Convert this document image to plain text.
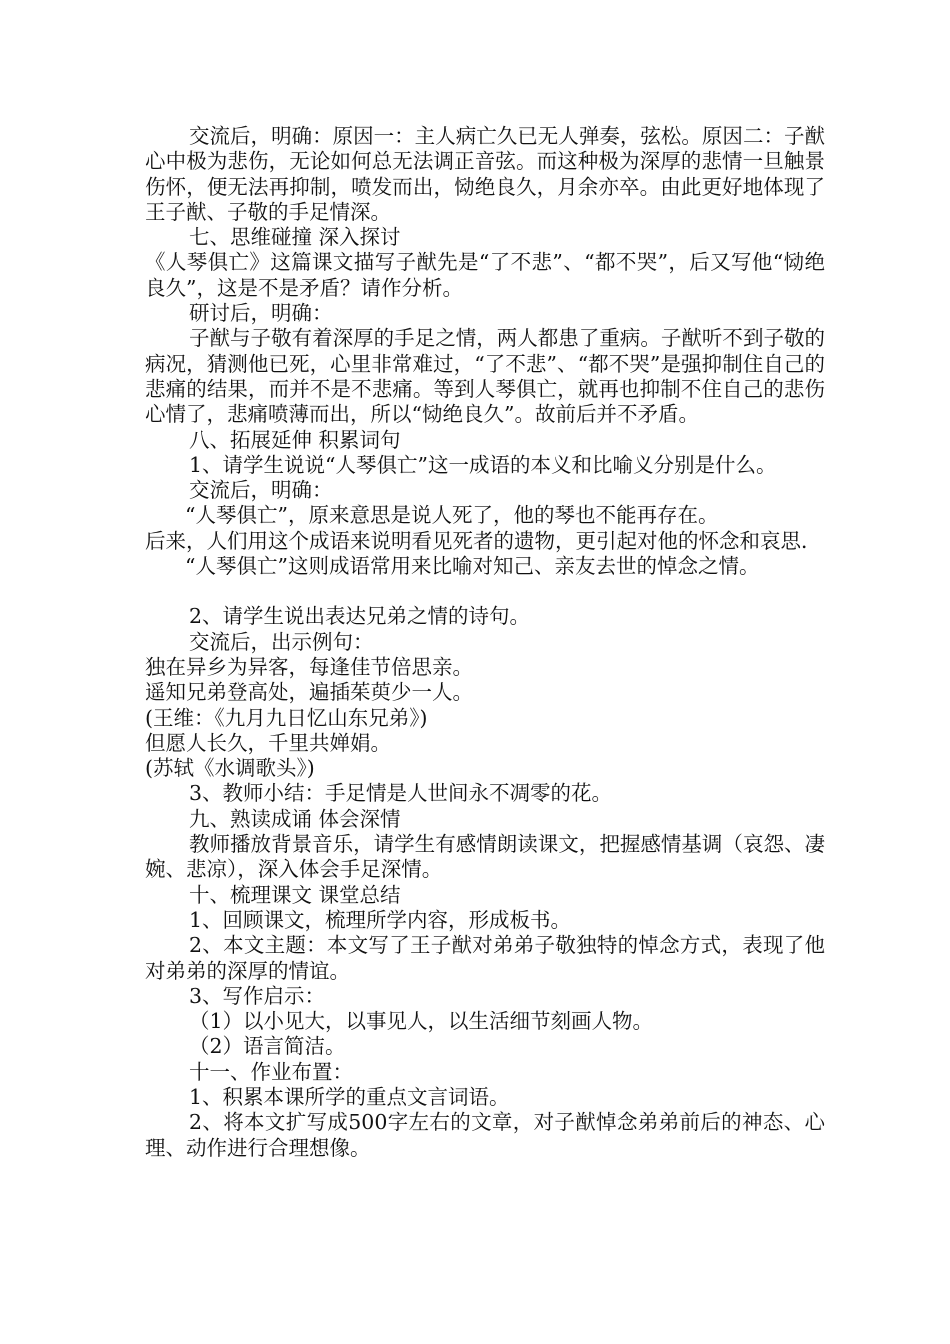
交流后，明确：原因一：主人病亡久已无人弹奏，弦松。原因二：子猷心中极为悲伤，无论如何总无法调正音弦。而这种极为深厚的悲情一旦触景伤怀，便无法再抑制，喷发而出，恸绝良久，月余亦卒。由此更好地体现了王子猷、子敬的手足情深。

七、思维碰撞 深入探讨

《人琴俱亡》这篇课文描写子猷先是“了不悲”、“都不哭”，后又写他“恸绝良久”，这是不是矛盾？请作分析。

研讨后，明确：

子猷与子敬有着深厚的手足之情，两人都患了重病。子猷听不到子敬的病况，猜测他已死，心里非常难过，“了不悲”、“都不哭”是强抑制住自己的悲痛的结果，而并不是不悲痛。等到人琴俱亡，就再也抑制不住自己的悲伤心情了，悲痛喷薄而出，所以“恸绝良久”。故前后并不矛盾。

八、拓展延伸 积累词句

1、请学生说说“人琴俱亡”这一成语的本义和比喻义分别是什么。

交流后，明确：

“人琴俱亡”，原来意思是说人死了，他的琴也不能再存在。

后来，人们用这个成语来说明看见死者的遗物，更引起对他的怀念和哀思．

“人琴俱亡”这则成语常用来比喻对知己、亲友去世的悼念之情。

2、请学生说出表达兄弟之情的诗句。

交流后，出示例句：

独在异乡为异客，每逢佳节倍思亲。

遥知兄弟登高处，遍插茱萸少一人。

(王维：《九月九日忆山东兄弟》)

但愿人长久，千里共婵娟。

(苏轼《水调歌头》)

3、教师小结：手足情是人世间永不凋零的花。

九、熟读成诵 体会深情

教师播放背景音乐，请学生有感情朗读课文，把握感情基调（哀怨、凄婉、悲凉），深入体会手足深情。

十、梳理课文 课堂总结

1、回顾课文，梳理所学内容，形成板书。

2、本文主题：本文写了王子猷对弟弟子敬独特的悼念方式，表现了他对弟弟的深厚的情谊。

3、写作启示：

（1）以小见大，以事见人，以生活细节刻画人物。

（2）语言简洁。

十一、作业布置：

1、积累本课所学的重点文言词语。

2、将本文扩写成500字左右的文章，对子猷悼念弟弟前后的神态、心理、动作进行合理想像。
